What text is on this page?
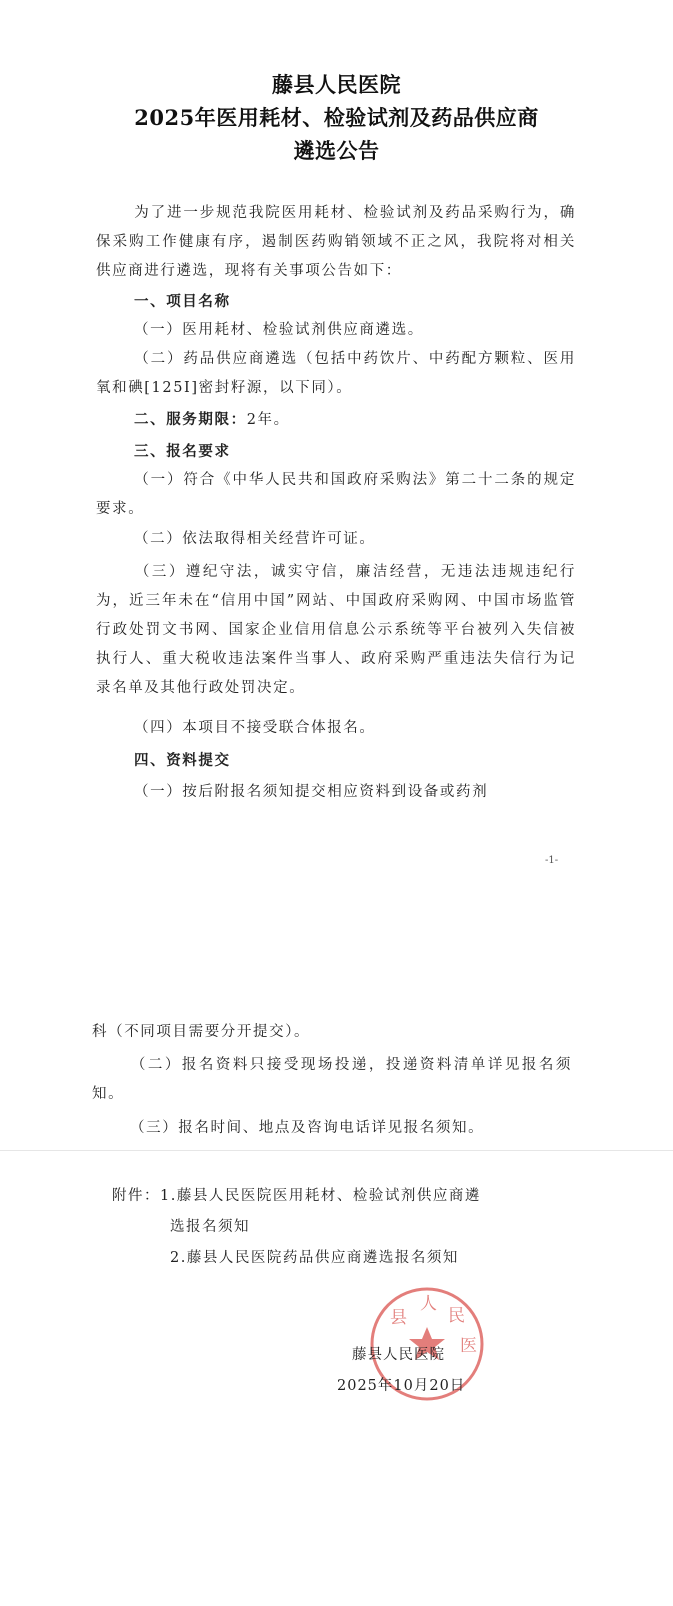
藤县人民医院
2025年医用耗材、检验试剂及药品供应商
遴选公告
为了进一步规范我院医用耗材、检验试剂及药品采购行为，确保采购工作健康有序，遏制医药购销领域不正之风，我院将对相关供应商进行遴选，现将有关事项公告如下：
一、项目名称
（一）医用耗材、检验试剂供应商遴选。
（二）药品供应商遴选（包括中药饮片、中药配方颗粒、医用氧和碘[125I]密封籽源，以下同）。
二、服务期限：2年。
三、报名要求
（一）符合《中华人民共和国政府采购法》第二十二条的规定要求。
（二）依法取得相关经营许可证。
（三）遵纪守法，诚实守信，廉洁经营，无违法违规违纪行为，近三年未在“信用中国”网站、中国政府采购网、中国市场监管行政处罚文书网、国家企业信用信息公示系统等平台被列入失信被执行人、重大税收违法案件当事人、政府采购严重违法失信行为记录名单及其他行政处罚决定。
（四）本项目不接受联合体报名。
四、资料提交
（一）按后附报名须知提交相应资料到设备或药剂
-1-
科（不同项目需要分开提交）。
（二）报名资料只接受现场投递，投递资料清单详见报名须知。
（三）报名时间、地点及咨询电话详见报名须知。
附件：1.藤县人民医院医用耗材、检验试剂供应商遴
选报名须知
2.藤县人民医院药品供应商遴选报名须知
县
人
民
医
藤县人民医院
2025年10月20日
